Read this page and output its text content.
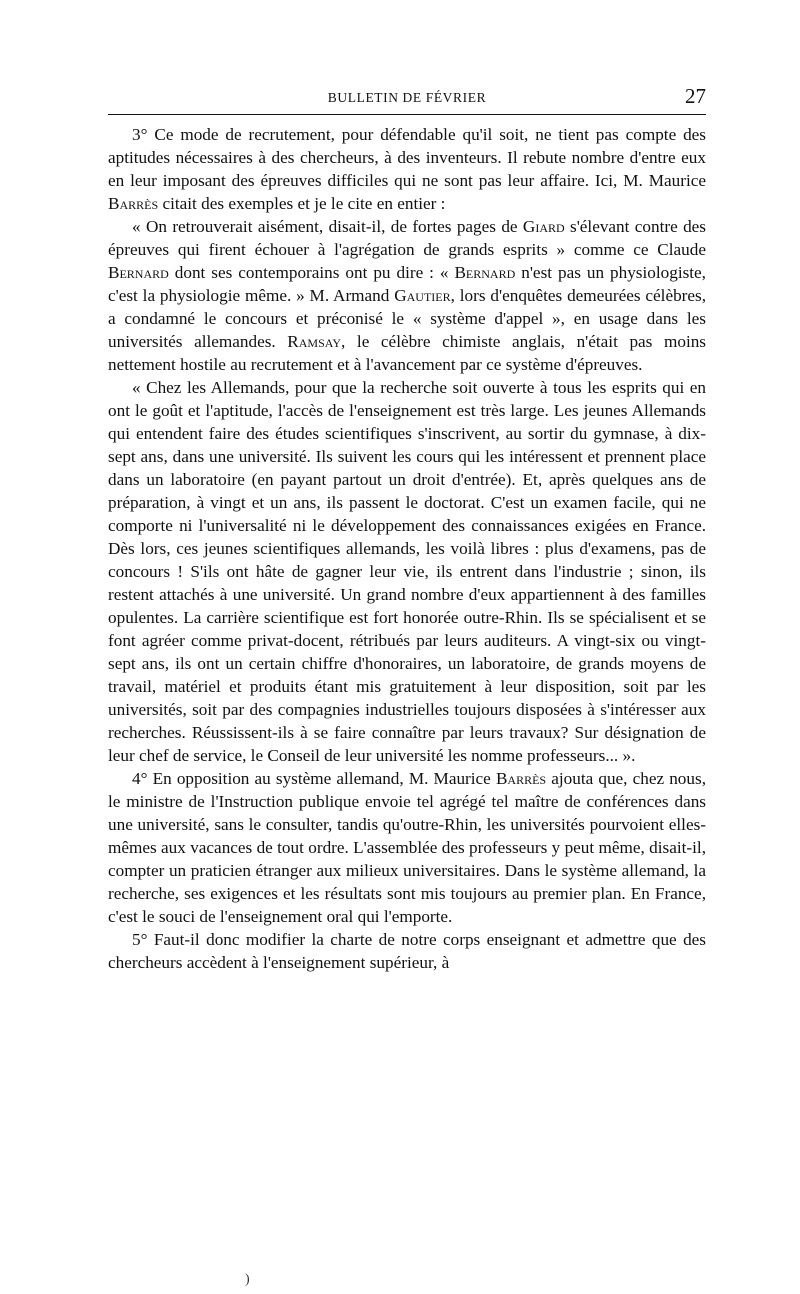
BULLETIN DE FÉVRIER	27

3° Ce mode de recrutement, pour défendable qu'il soit, ne tient pas compte des aptitudes nécessaires à des chercheurs, à des inventeurs. Il rebute nombre d'entre eux en leur imposant des épreuves difficiles qui ne sont pas leur affaire. Ici, M. Maurice Barrès citait des exemples et je le cite en entier :

« On retrouverait aisément, disait-il, de fortes pages de Giard s'élevant contre des épreuves qui firent échouer à l'agrégation de grands esprits » comme ce Claude Bernard dont ses contemporains ont pu dire : « Bernard n'est pas un physiologiste, c'est la physiologie même. » M. Armand Gautier, lors d'enquêtes demeurées célèbres, a condamné le concours et préconisé le « système d'appel », en usage dans les universités allemandes. Ramsay, le célèbre chimiste anglais, n'était pas moins nettement hostile au recrutement et à l'avancement par ce système d'épreuves.

« Chez les Allemands, pour que la recherche soit ouverte à tous les esprits qui en ont le goût et l'aptitude, l'accès de l'enseignement est très large. Les jeunes Allemands qui entendent faire des études scientifiques s'inscrivent, au sortir du gymnase, à dix-sept ans, dans une université. Ils suivent les cours qui les intéressent et prennent place dans un laboratoire (en payant partout un droit d'entrée). Et, après quelques ans de préparation, à vingt et un ans, ils passent le doctorat. C'est un examen facile, qui ne comporte ni l'universalité ni le développement des connaissances exigées en France. Dès lors, ces jeunes scientifiques allemands, les voilà libres : plus d'examens, pas de concours ! S'ils ont hâte de gagner leur vie, ils entrent dans l'industrie ; sinon, ils restent attachés à une université. Un grand nombre d'eux appartiennent à des familles opulentes. La carrière scientifique est fort honorée outre-Rhin. Ils se spécialisent et se font agréer comme privat-docent, rétribués par leurs auditeurs. A vingt-six ou vingt-sept ans, ils ont un certain chiffre d'honoraires, un laboratoire, de grands moyens de travail, matériel et produits étant mis gratuitement à leur disposition, soit par les universités, soit par des compagnies industrielles toujours disposées à s'intéresser aux recherches. Réussissent-ils à se faire connaître par leurs travaux? Sur désignation de leur chef de service, le Conseil de leur université les nomme professeurs... ».

4° En opposition au système allemand, M. Maurice Barrès ajouta que, chez nous, le ministre de l'Instruction publique envoie tel agrégé tel maître de conférences dans une université, sans le consulter, tandis qu'outre-Rhin, les universités pourvoient elles-mêmes aux vacances de tout ordre. L'assemblée des professeurs y peut même, disait-il, compter un praticien étranger aux milieux universitaires. Dans le système allemand, la recherche, ses exigences et les résultats sont mis toujours au premier plan. En France, c'est le souci de l'enseignement oral qui l'emporte.

5° Faut-il donc modifier la charte de notre corps enseignant et admettre que des chercheurs accèdent à l'enseignement supérieur, à

)
